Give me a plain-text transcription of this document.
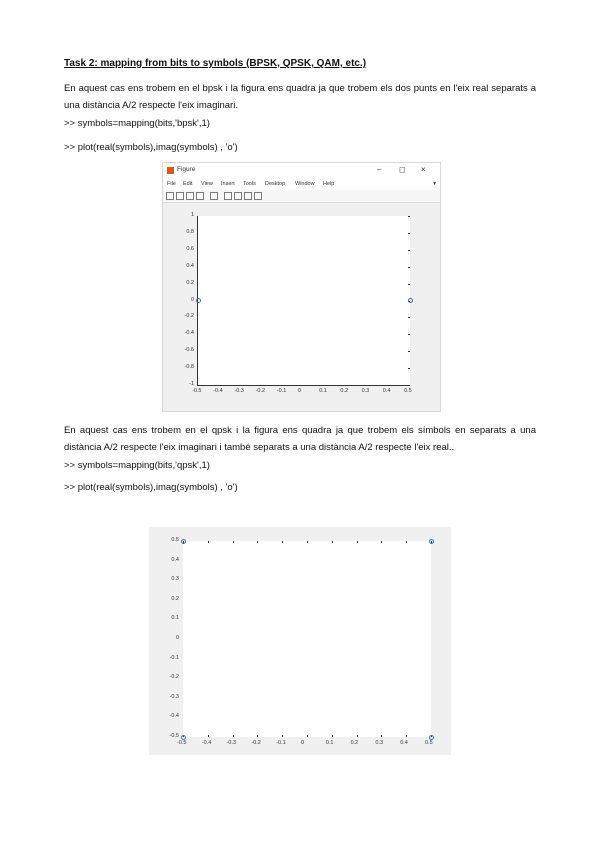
Task 2: mapping from bits to symbols (BPSK, QPSK, QAM, etc.)
En aquest cas ens trobem en el bpsk i la figura ens quadra ja que trobem els dos punts en l'eix real separats a una distància A/2 respecte l'eix imaginari.
>> symbols=mapping(bits,'bpsk',1)
>> plot(real(symbols),imag(symbols) , 'o')
Figure	– ◻ ×
File Edit View Insert Tools Desktop Window Help	▾
-0.5 -0.4 -0.3 -0.2 -0.1 0	0.1 0.2 0.3 0.4 0.5
1
0.8
0.6
0.4
0.2
0
-0.2
-0.4
-0.6
-0.8
-1
En aquest cas ens trobem en el qpsk i la figura ens quadra ja que trobem els símbols en separats a una distància A/2 respecte l'eix imaginari i també separats a una distància A/2 respecte l'eix real..
>> symbols=mapping(bits,'qpsk',1)
>> plot(real(symbols),imag(symbols) , 'o')
-0.5	-0.4	-0.3	-0.2	-0.1	0	0.1	0.2	0.3	0.4	0.5
0.5
0.4
0.3
0.2
0.1
0
-0.1
-0.2
-0.3
-0.4
-0.5
